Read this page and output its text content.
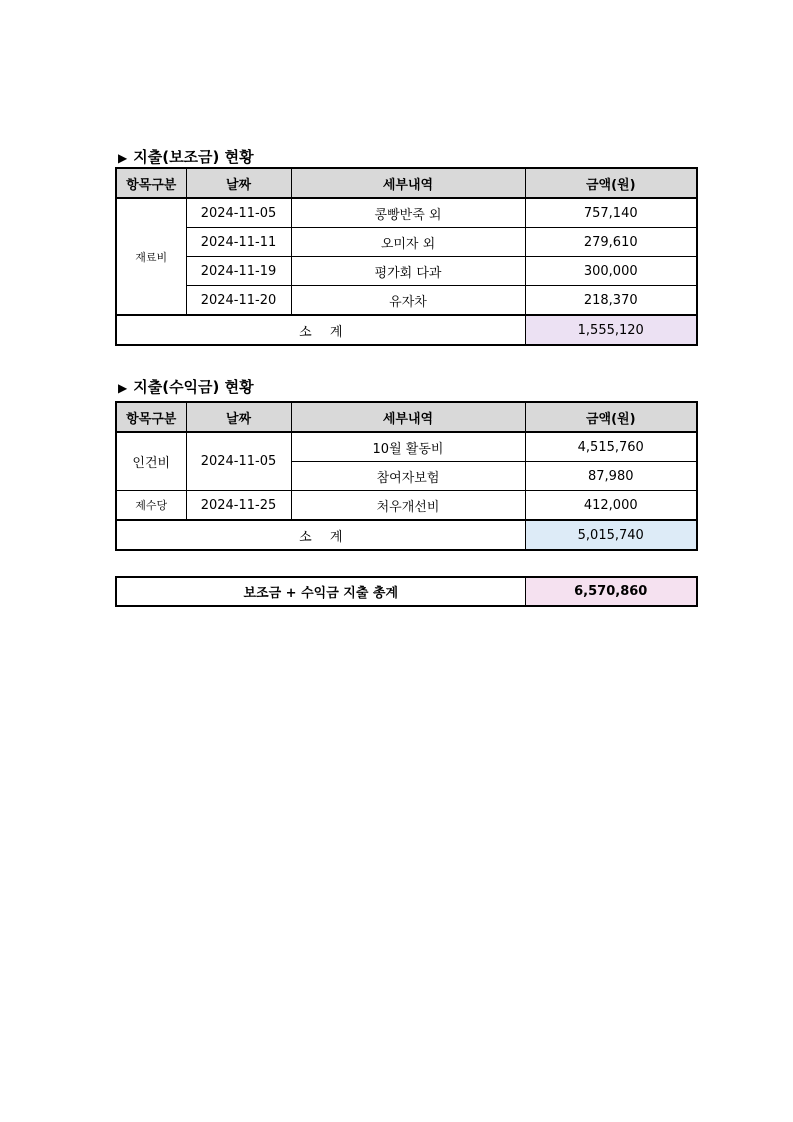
▶ 지출(보조금) 현황
항목구분	날짜	세부내역	금액(원)
재료비	2024-11-05	콩빵반죽 외	757,140
	2024-11-11	오미자 외	279,610
	2024-11-19	평가회 다과	300,000
	2024-11-20	유자차	218,370
소 계			1,555,120
▶ 지출(수익금) 현황
항목구분	날짜	세부내역	금액(원)
인건비	2024-11-05	10월 활동비	4,515,760
		참여자보험	87,980
제수당	2024-11-25	처우개선비	412,000
소 계			5,015,740
보조금 + 수익금 지출 총계	6,570,860
